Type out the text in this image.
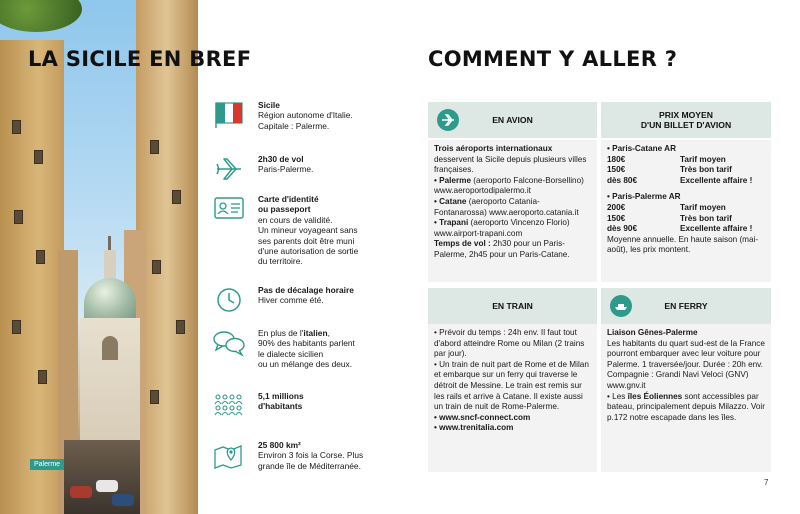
Palerme
LA SICILE EN BREF
Sicile
Région autonome d'Italie.
Capitale : Palerme.
2h30 de vol
Paris-Palerme.
Carte d'identité
ou passeport
en cours de validité.
Un mineur voyageant sans
ses parents doit être muni
d'une autorisation de sortie
du territoire.
Pas de décalage horaire
Hiver comme été.
En plus de l'italien,
90% des habitants parlent
le dialecte sicilien
ou un mélange des deux.
5,1 millions
d'habitants
25 800 km²
Environ 3 fois la Corse. Plus
grande île de Méditerranée.
COMMENT Y ALLER ?
EN AVION

Trois aéroports internationaux desservent la Sicile depuis plusieurs villes françaises.

• Palerme (aeroporto Falcone-Borsellino) www.aeroportodipalermo.it

• Catane (aeroporto Catania-Fontanarossa) www.aeroporto.catania.it

• Trapani (aeroporto Vincenzo Florio) www.airport-trapani.com

Temps de vol : 2h30 pour un Paris-Palerme, 2h45 pour un Paris-Catane.

PRIX MOYEN
D'UN BILLET D'AVION

• Paris-Catane AR

180€	Tarif moyen
150€	Très bon tarif
dès 80€	Excellente affaire !

• Paris-Palerme AR

200€	Tarif moyen
150€	Très bon tarif
dès 90€	Excellente affaire !

Moyenne annuelle. En haute saison (mai-août), les prix montent.

EN TRAIN

• Prévoir du temps : 24h env. Il faut tout d'abord atteindre Rome ou Milan (2 trains par jour).

• Un train de nuit part de Rome et de Milan et embarque sur un ferry qui traverse le détroit de Messine. Le train est remis sur les rails et arrive à Catane. Il existe aussi un train de nuit de Rome-Palerme.

• www.sncf-connect.com

• www.trenitalia.com

EN FERRY

Liaison Gênes-Palerme

Les habitants du quart sud-est de la France pourront embarquer avec leur voiture pour Palerme. 1 traversée/jour. Durée : 20h env.

Compagnie : Grandi Navi Veloci (GNV) www.gnv.it

• Les îles Éoliennes sont accessibles par bateau, principalement depuis Milazzo. Voir p.172 notre escapade dans les îles.

7
